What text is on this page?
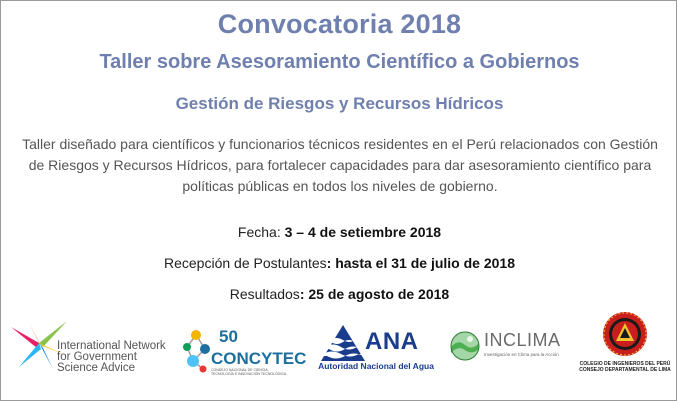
Convocatoria 2018
Taller sobre Asesoramiento Científico a Gobiernos
Gestión de Riesgos y Recursos Hídricos

Taller diseñado para científicos y funcionarios técnicos residentes en el Perú relacionados con Gestión de Riesgos y Recursos Hídricos, para fortalecer capacidades para dar asesoramiento científico para políticas públicas en todos los niveles de gobierno.

Fecha: 3 – 4 de setiembre 2018
Recepción de Postulantes: hasta el 31 de julio de 2018
Resultados: 25 de agosto de 2018
International Network
for Government
Science Advice
50
CONCYTEC
CONSEJO NACIONAL DE CIENCIA,
TECNOLOGÍA E INNOVACIÓN TECNOLÓGICA
ANA
Autoridad Nacional del Agua
INCLIMA
Investigación en Clima para la Acción
COLEGIO DE INGENIEROS DEL PERÚ
CONSEJO DEPARTAMENTAL DE LIMA
